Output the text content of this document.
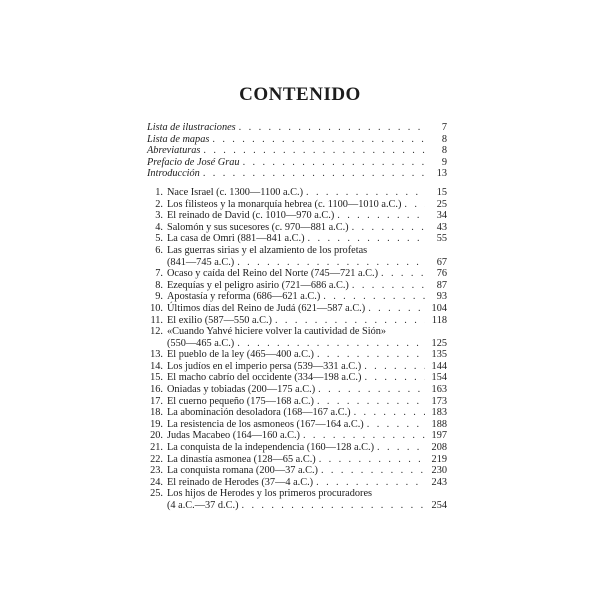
CONTENIDO
Lista de ilustraciones . . .	7
Lista de mapas . . .	8
Abreviaturas . . .	8
Prefacio de José Grau . . .	9
Introducción . . .	13
1. Nace Israel (c. 1300—1100 a.C.) . . .	15
2. Los filisteos y la monarquía hebrea (c. 1100—1010 a.C.) . . .	25
3. El reinado de David (c. 1010—970 a.C.) . . .	34
4. Salomón y sus sucesores (c. 970—881 a.C.) . . .	43
5. La casa de Omri (881—841 a.C.) . . .	55
6. Las guerras sirias y el alzamiento de los profetas
(841—745 a.C.) . . .	67
7. Ocaso y caída del Reino del Norte (745—721 a.C.) . . .	76
8. Ezequías y el peligro asirio (721—686 a.C.) . . .	87
9. Apostasía y reforma (686—621 a.C.) . . .	93
10. Últimos días del Reino de Judá (621—587 a.C.) . . .	104
11. El exilio (587—550 a.C.) . . .	118
12. «Cuando Yahvé hiciere volver la cautividad de Sión»
(550—465 a.C.) . . .	125
13. El pueblo de la ley (465—400 a.C.) . . .	135
14. Los judíos en el imperio persa (539—331 a.C.) . . .	144
15. El macho cabrío del occidente (334—198 a.C.) . . .	154
16. Oniadas y tobiadas (200—175 a.C.) . . .	163
17. El cuerno pequeño (175—168 a.C.) . . .	173
18. La abominación desoladora (168—167 a.C.) . . .	183
19. La resistencia de los asmoneos (167—164 a.C.) . . .	188
20. Judas Macabeo (164—160 a.C.) . . .	197
21. La conquista de la independencia (160—128 a.C.) . . .	208
22. La dinastía asmonea (128—65 a.C.) . . .	219
23. La conquista romana (200—37 a.C.) . . .	230
24. El reinado de Herodes (37—4 a.C.) . . .	243
25. Los hijos de Herodes y los primeros procuradores
(4 a.C.—37 d.C.) . . .	254
